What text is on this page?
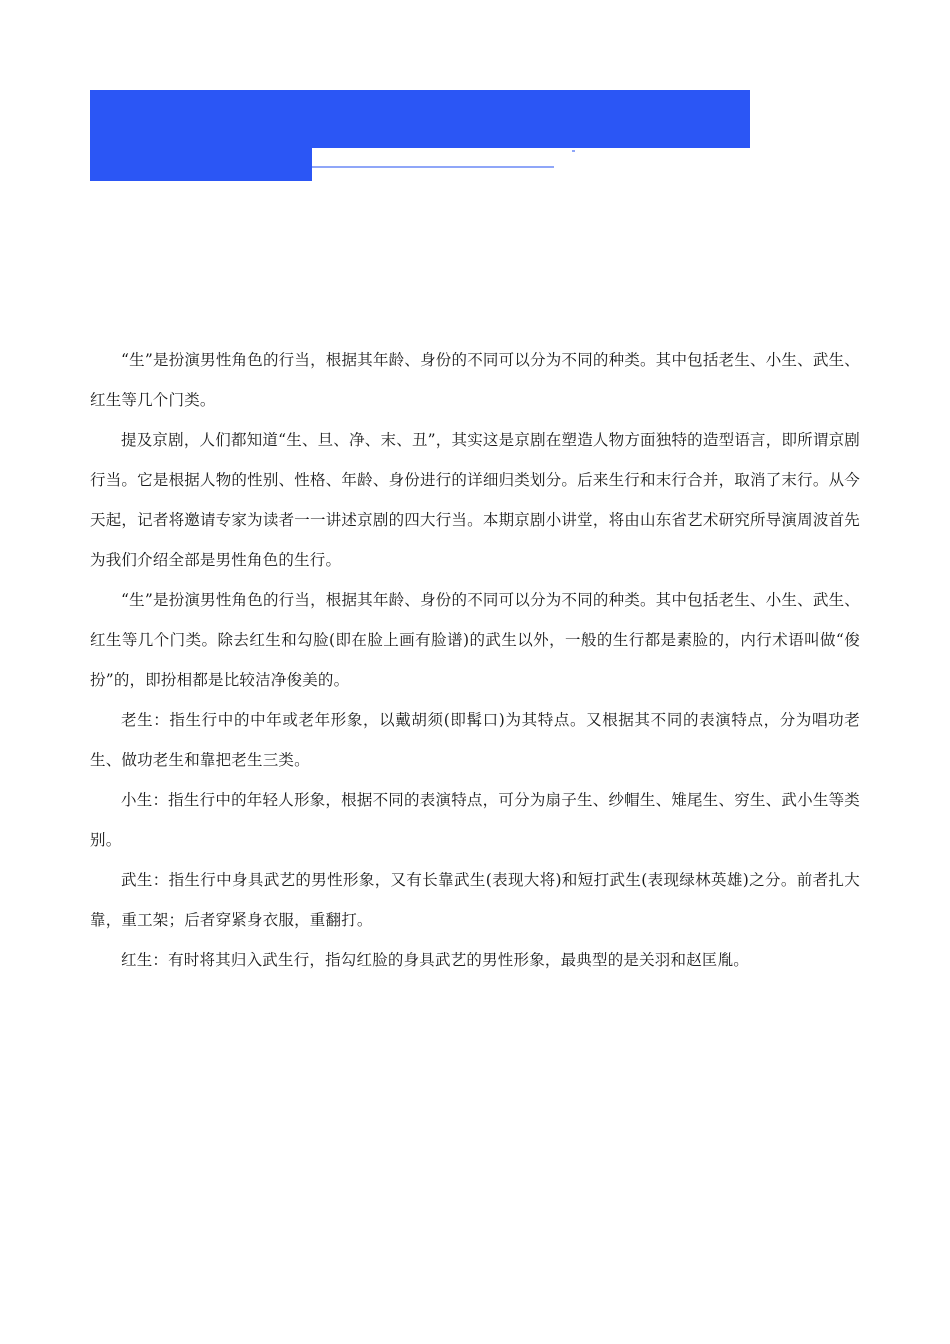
“生”是扮演男性角色的行当，根据其年龄、身份的不同可以分为不同的种类。其中包括老生、小生、武生、红生等几个门类。

提及京剧，人们都知道“生、旦、净、末、丑”，其实这是京剧在塑造人物方面独特的造型语言，即所谓京剧行当。它是根据人物的性别、性格、年龄、身份进行的详细归类划分。后来生行和末行合并，取消了末行。从今天起，记者将邀请专家为读者一一讲述京剧的四大行当。本期京剧小讲堂，将由山东省艺术研究所导演周波首先为我们介绍全部是男性角色的生行。

“生”是扮演男性角色的行当，根据其年龄、身份的不同可以分为不同的种类。其中包括老生、小生、武生、红生等几个门类。除去红生和勾脸(即在脸上画有脸谱)的武生以外，一般的生行都是素脸的，内行术语叫做“俊扮”的，即扮相都是比较洁净俊美的。

老生：指生行中的中年或老年形象，以戴胡须(即髯口)为其特点。又根据其不同的表演特点，分为唱功老生、做功老生和靠把老生三类。

小生：指生行中的年轻人形象，根据不同的表演特点，可分为扇子生、纱帽生、雉尾生、穷生、武小生等类别。

武生：指生行中身具武艺的男性形象，又有长靠武生(表现大将)和短打武生(表现绿林英雄)之分。前者扎大靠，重工架；后者穿紧身衣服，重翻打。

红生：有时将其归入武生行，指勾红脸的身具武艺的男性形象，最典型的是关羽和赵匡胤。
